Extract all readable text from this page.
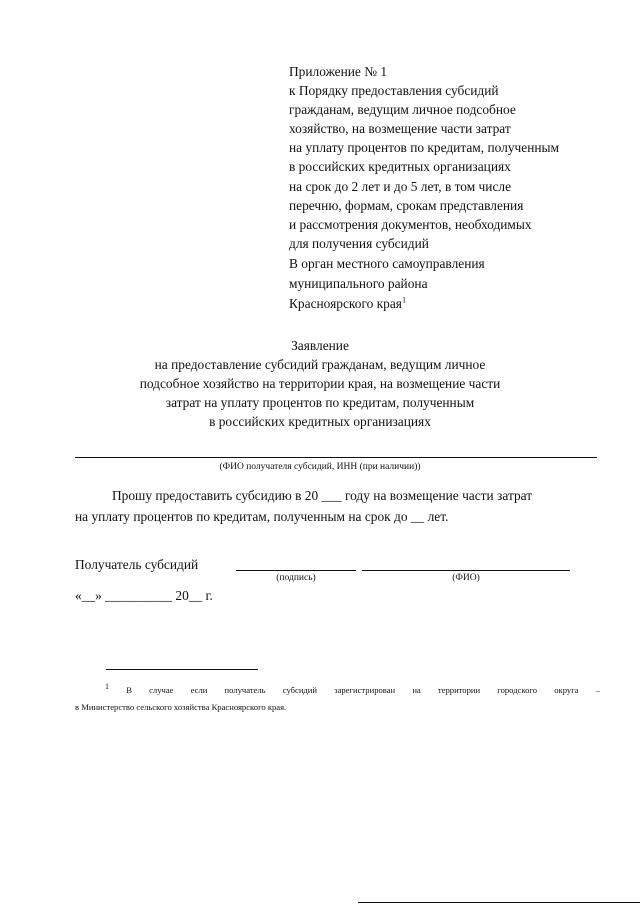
Приложение № 1
к Порядку предоставления субсидий
гражданам, ведущим личное подсобное
хозяйство, на возмещение части затрат
на уплату процентов по кредитам, полученным
в российских кредитных организациях
на срок до 2 лет и до 5 лет, в том числе
перечню, формам, срокам представления
и рассмотрения документов, необходимых
для получения субсидий
В орган местного самоуправления
муниципального района
Красноярского края$^1$
Заявление
на предоставление субсидий гражданам, ведущим личное
подсобное хозяйство на территории края, на возмещение части
затрат на уплату процентов по кредитам, полученным
в российских кредитных организациях
(ФИО получателя субсидий, ИНН (при наличии))
Прошу предоставить субсидию в 20 ___ году на возмещение части затрат
на уплату процентов по кредитам, полученным на срок до __ лет.
Получатель субсидий
(подпись)	(ФИО)
«__» __________ 20__ г.
$^1$ В случае если получатель субсидий зарегистрирован на территории городского округа –
в Министерство сельского хозяйства Красноярского края.
